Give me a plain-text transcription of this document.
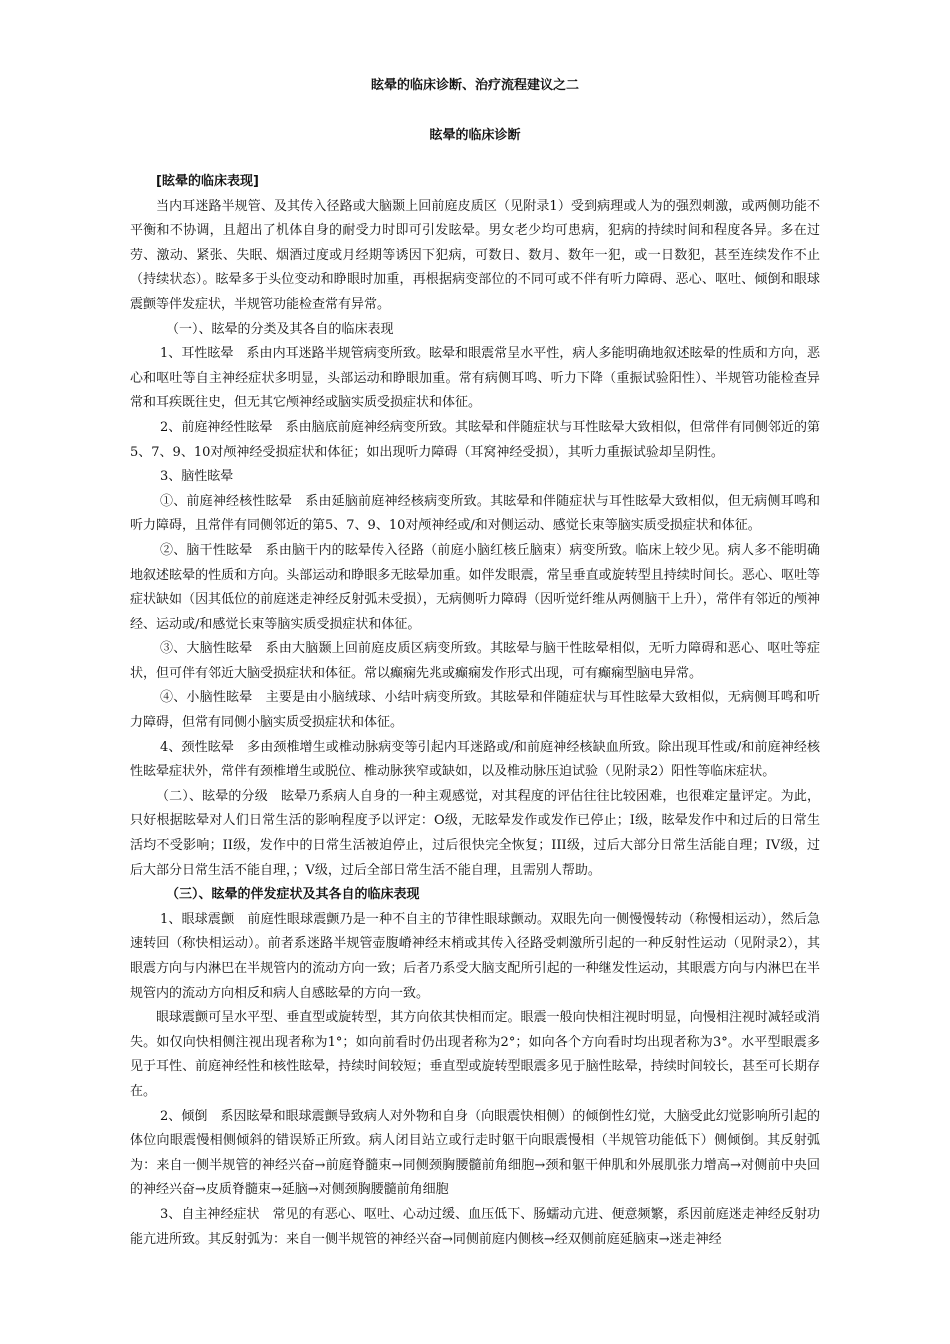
眩晕的临床诊断、治疗流程建议之二
眩晕的临床诊断

[眩晕的临床表现]

当内耳迷路半规管、及其传入径路或大脑颞上回前庭皮质区（见附录1）受到病理或人为的强烈刺激，或两侧功能不平衡和不协调，且超出了机体自身的耐受力时即可引发眩晕。男女老少均可患病，犯病的持续时间和程度各异。多在过劳、激动、紧张、失眠、烟酒过度或月经期等诱因下犯病，可数日、数月、数年一犯，或一日数犯，甚至连续发作不止（持续状态）。眩晕多于头位变动和睁眼时加重，再根据病变部位的不同可或不伴有听力障碍、恶心、呕吐、倾倒和眼球震颤等伴发症状，半规管功能检查常有异常。

（一）、眩晕的分类及其各自的临床表现

1、耳性眩晕　系由内耳迷路半规管病变所致。眩晕和眼震常呈水平性，病人多能明确地叙述眩晕的性质和方向，恶心和呕吐等自主神经症状多明显，头部运动和睁眼加重。常有病侧耳鸣、听力下降（重振试验阳性）、半规管功能检查异常和耳疾既往史，但无其它颅神经或脑实质受损症状和体征。

2、前庭神经性眩晕　系由脑底前庭神经病变所致。其眩晕和伴随症状与耳性眩晕大致相似，但常伴有同侧邻近的第5、7、9、10对颅神经受损症状和体征；如出现听力障碍（耳窝神经受损），其听力重振试验却呈阴性。

3、脑性眩晕

①、前庭神经核性眩晕　系由延脑前庭神经核病变所致。其眩晕和伴随症状与耳性眩晕大致相似，但无病侧耳鸣和听力障碍，且常伴有同侧邻近的第5、7、9、10对颅神经或/和对侧运动、感觉长束等脑实质受损症状和体征。

②、脑干性眩晕　系由脑干内的眩晕传入径路（前庭小脑红核丘脑束）病变所致。临床上较少见。病人多不能明确地叙述眩晕的性质和方向。头部运动和睁眼多无眩晕加重。如伴发眼震，常呈垂直或旋转型且持续时间长。恶心、呕吐等症状缺如（因其低位的前庭迷走神经反射弧未受损），无病侧听力障碍（因听觉纤维从两侧脑干上升），常伴有邻近的颅神经、运动或/和感觉长束等脑实质受损症状和体征。

③、大脑性眩晕　系由大脑颞上回前庭皮质区病变所致。其眩晕与脑干性眩晕相似，无听力障碍和恶心、呕吐等症状，但可伴有邻近大脑受损症状和体征。常以癫痫先兆或癫痫发作形式出现，可有癫痫型脑电异常。

④、小脑性眩晕　主要是由小脑绒球、小结叶病变所致。其眩晕和伴随症状与耳性眩晕大致相似，无病侧耳鸣和听力障碍，但常有同侧小脑实质受损症状和体征。

4、颈性眩晕　多由颈椎增生或椎动脉病变等引起内耳迷路或/和前庭神经核缺血所致。除出现耳性或/和前庭神经核性眩晕症状外，常伴有颈椎增生或脱位、椎动脉狭窄或缺如，以及椎动脉压迫试验（见附录2）阳性等临床症状。

（二）、眩晕的分级　眩晕乃系病人自身的一种主观感觉，对其程度的评估往往比较困难，也很难定量评定。为此，只好根据眩晕对人们日常生活的影响程度予以评定：O级，无眩晕发作或发作已停止；I级，眩晕发作中和过后的日常生活均不受影响；II级，发作中的日常生活被迫停止，过后很快完全恢复；III级，过后大部分日常生活能自理；IV级，过后大部分日常生活不能自理，；V级，过后全部日常生活不能自理，且需别人帮助。

（三）、眩晕的伴发症状及其各自的临床表现

1、眼球震颤　前庭性眼球震颤乃是一种不自主的节律性眼球颤动。双眼先向一侧慢慢转动（称慢相运动），然后急速转回（称快相运动）。前者系迷路半规管壶腹嵴神经末梢或其传入径路受刺激所引起的一种反射性运动（见附录2），其眼震方向与内淋巴在半规管内的流动方向一致；后者乃系受大脑支配所引起的一种继发性运动，其眼震方向与内淋巴在半规管内的流动方向相反和病人自感眩晕的方向一致。

眼球震颤可呈水平型、垂直型或旋转型，其方向依其快相而定。眼震一般向快相注视时明显，向慢相注视时减轻或消失。如仅向快相侧注视出现者称为1°；如向前看时仍出现者称为2°；如向各个方向看时均出现者称为3°。水平型眼震多见于耳性、前庭神经性和核性眩晕，持续时间较短；垂直型或旋转型眼震多见于脑性眩晕，持续时间较长，甚至可长期存在。

2、倾倒　系因眩晕和眼球震颤导致病人对外物和自身（向眼震快相侧）的倾倒性幻觉，大脑受此幻觉影响所引起的体位向眼震慢相侧倾斜的错误矫正所致。病人闭目站立或行走时躯干向眼震慢相（半规管功能低下）侧倾倒。其反射弧为：来自一侧半规管的神经兴奋→前庭脊髓束→同侧颈胸腰髓前角细胞→颈和躯干伸肌和外展肌张力增高→对侧前中央回的神经兴奋→皮质脊髓束→延脑→对侧颈胸腰髓前角细胞

3、自主神经症状　常见的有恶心、呕吐、心动过缓、血压低下、肠蠕动亢进、便意频繁，系因前庭迷走神经反射功能亢进所致。其反射弧为：来自一侧半规管的神经兴奋→同侧前庭内侧核→经双侧前庭延脑束→迷走神经
